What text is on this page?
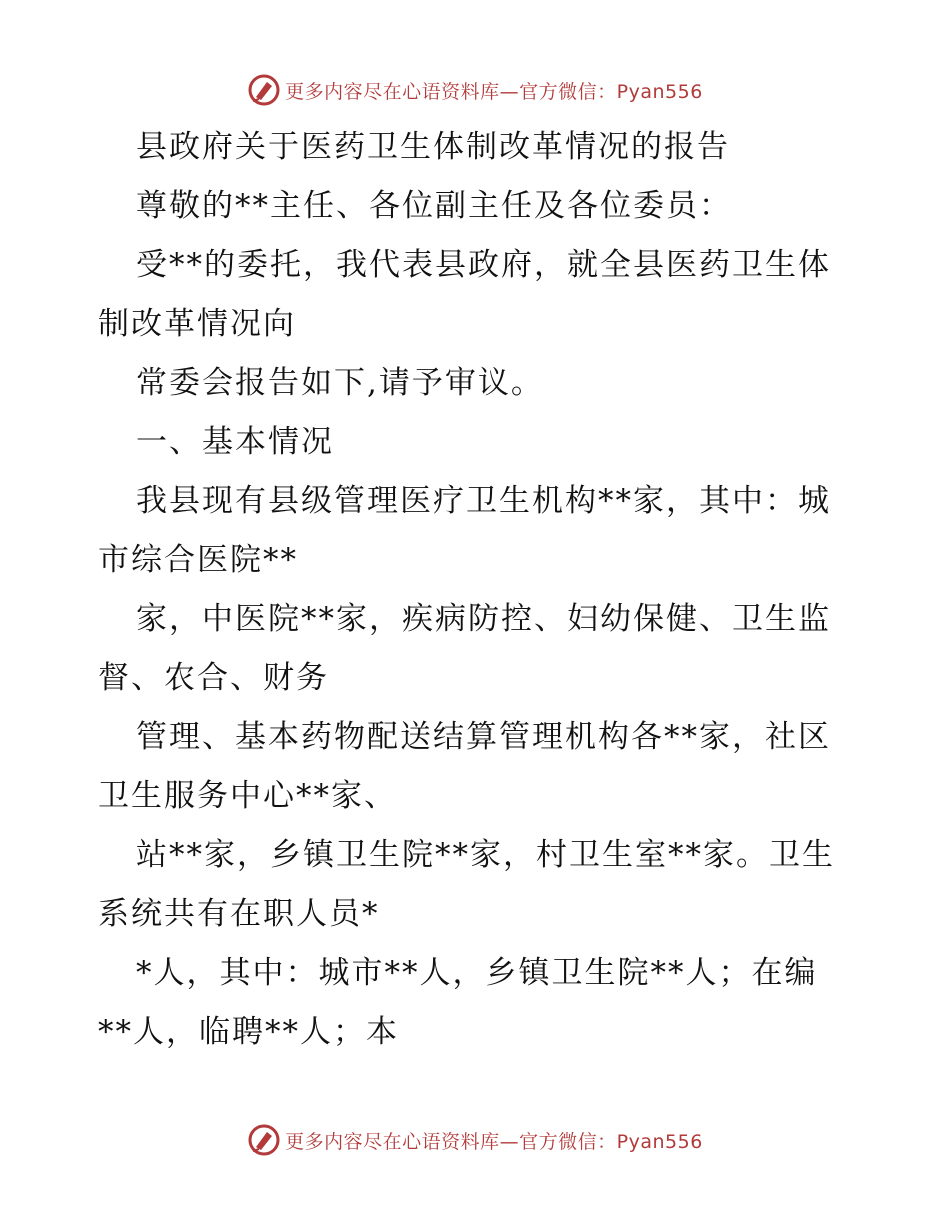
更多内容尽在心语资料库—官方微信：Pyan556
县政府关于医药卫生体制改革情况的报告
尊敬的**主任、各位副主任及各位委员：
受**的委托，我代表县政府，就全县医药卫生体
制改革情况向
常委会报告如下,请予审议。
一、基本情况
我县现有县级管理医疗卫生机构**家，其中：城
市综合医院**
家，中医院**家，疾病防控、妇幼保健、卫生监
督、农合、财务
管理、基本药物配送结算管理机构各**家，社区
卫生服务中心**家、
站**家，乡镇卫生院**家，村卫生室**家。卫生
系统共有在职人员*
*人，其中：城市**人，乡镇卫生院**人；在编
**人，临聘**人；本
更多内容尽在心语资料库—官方微信：Pyan556
